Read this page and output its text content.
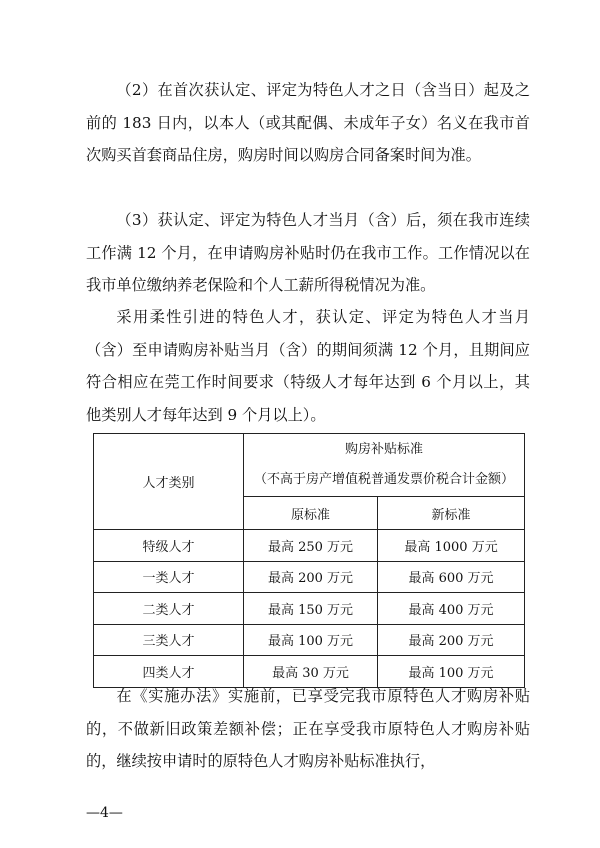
（2）在首次获认定、评定为特色人才之日（含当日）起及之前的 183 日内，以本人（或其配偶、未成年子女）名义在我市首次购买首套商品住房，购房时间以购房合同备案时间为准。

（3）获认定、评定为特色人才当月（含）后，须在我市连续工作满 12 个月，在申请购房补贴时仍在我市工作。工作情况以在我市单位缴纳养老保险和个人工薪所得税情况为准。

采用柔性引进的特色人才，获认定、评定为特色人才当月（含）至申请购房补贴当月（含）的期间须满 12 个月，且期间应符合相应在莞工作时间要求（特级人才每年达到 6 个月以上，其他类别人才每年达到 9 个月以上）。

人才类别	购房补贴标准
（不高于房产增值税普通发票价税合计金额）	

	原标准	新标准
特级人才	最高 250 万元	最高 1000 万元
一类人才	最高 200 万元	最高 600 万元
二类人才	最高 150 万元	最高 400 万元
三类人才	最高 100 万元	最高 200 万元
四类人才	最高 30 万元	最高 100 万元

在《实施办法》实施前，已享受完我市原特色人才购房补贴的，不做新旧政策差额补偿；正在享受我市原特色人才购房补贴的，继续按申请时的原特色人才购房补贴标准执行，

—4—
